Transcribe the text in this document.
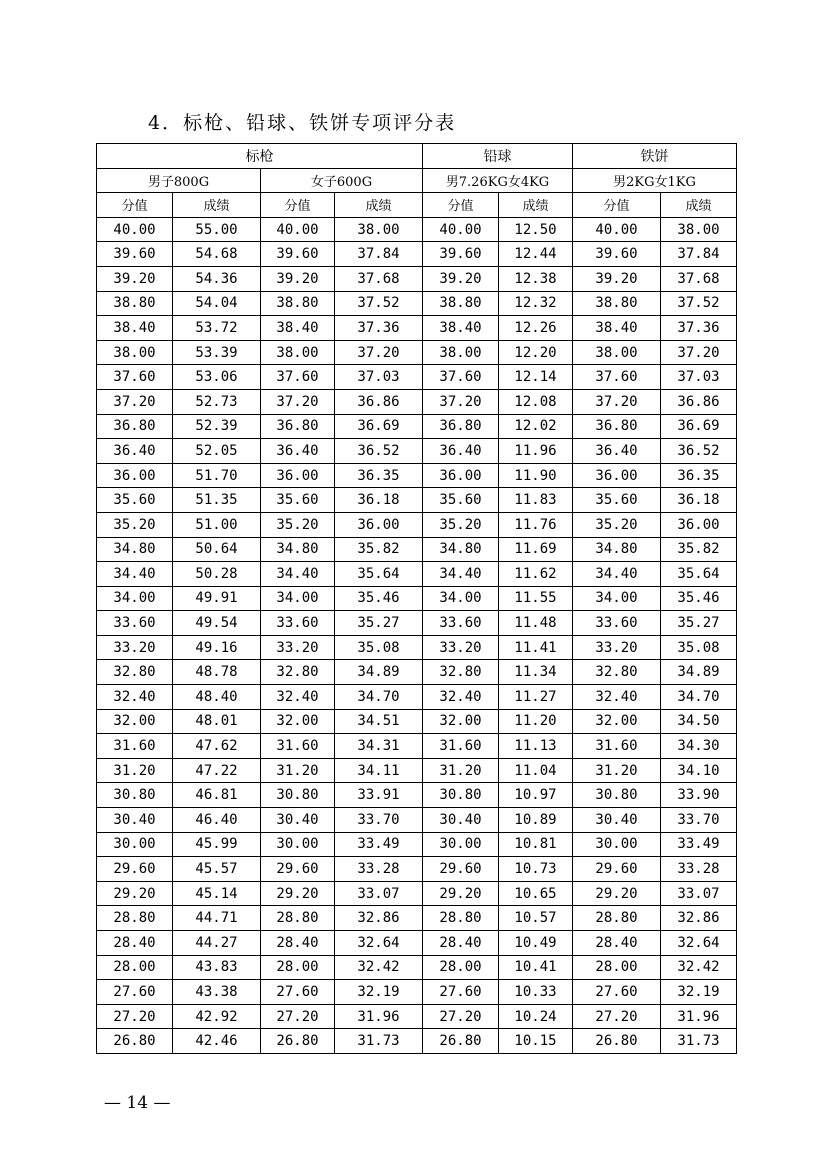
4．标枪、铅球、铁饼专项评分表
标枪				铅球		铁饼	
男子800G		女子600G		男7.26KG女4KG		男2KG女1KG	
分值	成绩	分值	成绩	分值	成绩	分值	成绩
40.00	55.00	40.00	38.00	40.00	12.50	40.00	38.00
39.60	54.68	39.60	37.84	39.60	12.44	39.60	37.84
39.20	54.36	39.20	37.68	39.20	12.38	39.20	37.68
38.80	54.04	38.80	37.52	38.80	12.32	38.80	37.52
38.40	53.72	38.40	37.36	38.40	12.26	38.40	37.36
38.00	53.39	38.00	37.20	38.00	12.20	38.00	37.20
37.60	53.06	37.60	37.03	37.60	12.14	37.60	37.03
37.20	52.73	37.20	36.86	37.20	12.08	37.20	36.86
36.80	52.39	36.80	36.69	36.80	12.02	36.80	36.69
36.40	52.05	36.40	36.52	36.40	11.96	36.40	36.52
36.00	51.70	36.00	36.35	36.00	11.90	36.00	36.35
35.60	51.35	35.60	36.18	35.60	11.83	35.60	36.18
35.20	51.00	35.20	36.00	35.20	11.76	35.20	36.00
34.80	50.64	34.80	35.82	34.80	11.69	34.80	35.82
34.40	50.28	34.40	35.64	34.40	11.62	34.40	35.64
34.00	49.91	34.00	35.46	34.00	11.55	34.00	35.46
33.60	49.54	33.60	35.27	33.60	11.48	33.60	35.27
33.20	49.16	33.20	35.08	33.20	11.41	33.20	35.08
32.80	48.78	32.80	34.89	32.80	11.34	32.80	34.89
32.40	48.40	32.40	34.70	32.40	11.27	32.40	34.70
32.00	48.01	32.00	34.51	32.00	11.20	32.00	34.50
31.60	47.62	31.60	34.31	31.60	11.13	31.60	34.30
31.20	47.22	31.20	34.11	31.20	11.04	31.20	34.10
30.80	46.81	30.80	33.91	30.80	10.97	30.80	33.90
30.40	46.40	30.40	33.70	30.40	10.89	30.40	33.70
30.00	45.99	30.00	33.49	30.00	10.81	30.00	33.49
29.60	45.57	29.60	33.28	29.60	10.73	29.60	33.28
29.20	45.14	29.20	33.07	29.20	10.65	29.20	33.07
28.80	44.71	28.80	32.86	28.80	10.57	28.80	32.86
28.40	44.27	28.40	32.64	28.40	10.49	28.40	32.64
28.00	43.83	28.00	32.42	28.00	10.41	28.00	32.42
27.60	43.38	27.60	32.19	27.60	10.33	27.60	32.19
27.20	42.92	27.20	31.96	27.20	10.24	27.20	31.96
26.80	42.46	26.80	31.73	26.80	10.15	26.80	31.73
— 14 —
